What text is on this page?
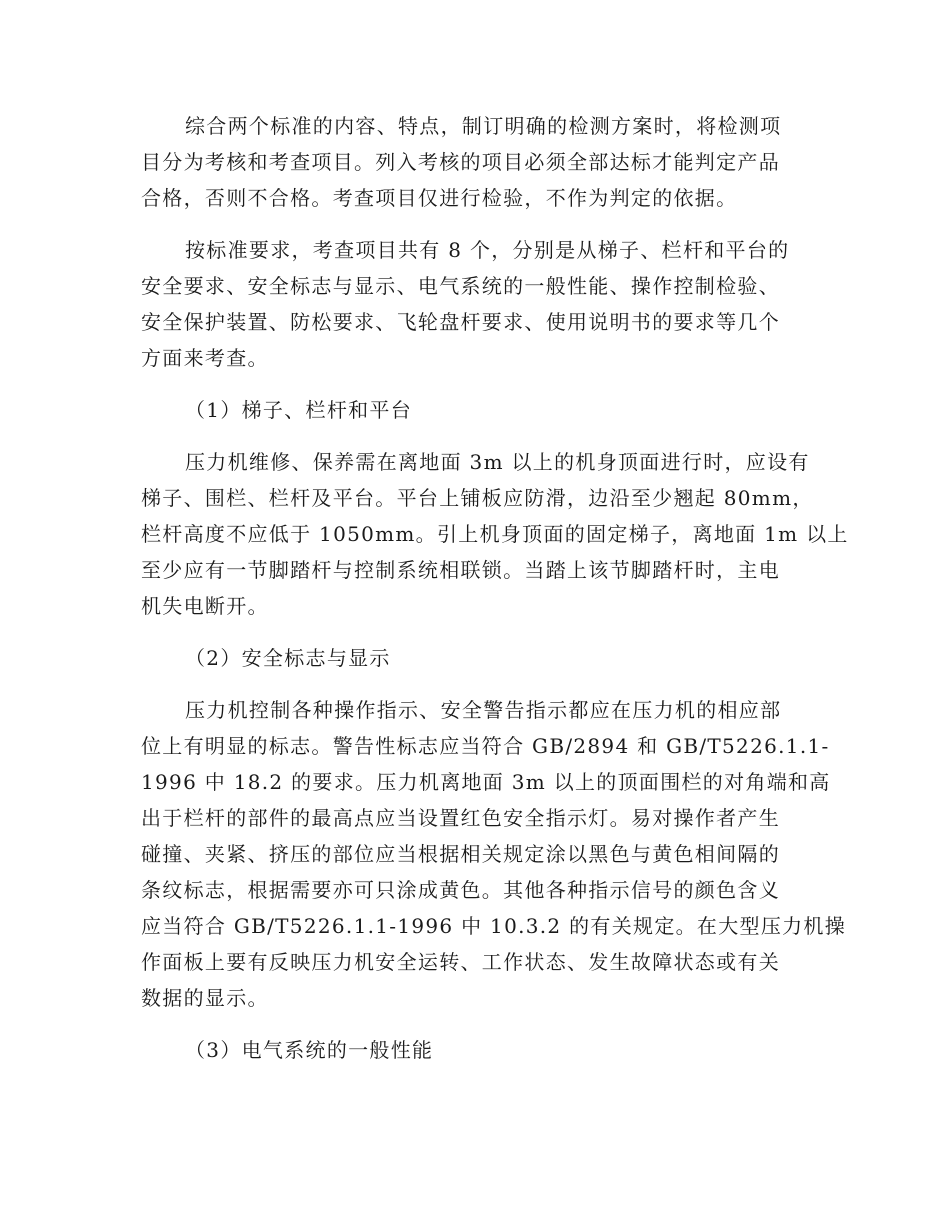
综合两个标准的内容、特点，制订明确的检测方案时，将检测项
目分为考核和考查项目。列入考核的项目必须全部达标才能判定产品
合格，否则不合格。考查项目仅进行检验，不作为判定的依据。

按标准要求，考查项目共有 8 个，分别是从梯子、栏杆和平台的
安全要求、安全标志与显示、电气系统的一般性能、操作控制检验、
安全保护装置、防松要求、飞轮盘杆要求、使用说明书的要求等几个
方面来考查。

（1）梯子、栏杆和平台

压力机维修、保养需在离地面 3m 以上的机身顶面进行时，应设有
梯子、围栏、栏杆及平台。平台上铺板应防滑，边沿至少翘起 80mm，
栏杆高度不应低于 1050mm。引上机身顶面的固定梯子，离地面 1m 以上
至少应有一节脚踏杆与控制系统相联锁。当踏上该节脚踏杆时，主电
机失电断开。

（2）安全标志与显示

压力机控制各种操作指示、安全警告指示都应在压力机的相应部
位上有明显的标志。警告性标志应当符合 GB/2894 和 GB/T5226.1.1-
1996 中 18.2 的要求。压力机离地面 3m 以上的顶面围栏的对角端和高
出于栏杆的部件的最高点应当设置红色安全指示灯。易对操作者产生
碰撞、夹紧、挤压的部位应当根据相关规定涂以黑色与黄色相间隔的
条纹标志，根据需要亦可只涂成黄色。其他各种指示信号的颜色含义
应当符合 GB/T5226.1.1-1996 中 10.3.2 的有关规定。在大型压力机操
作面板上要有反映压力机安全运转、工作状态、发生故障状态或有关
数据的显示。

（3）电气系统的一般性能
